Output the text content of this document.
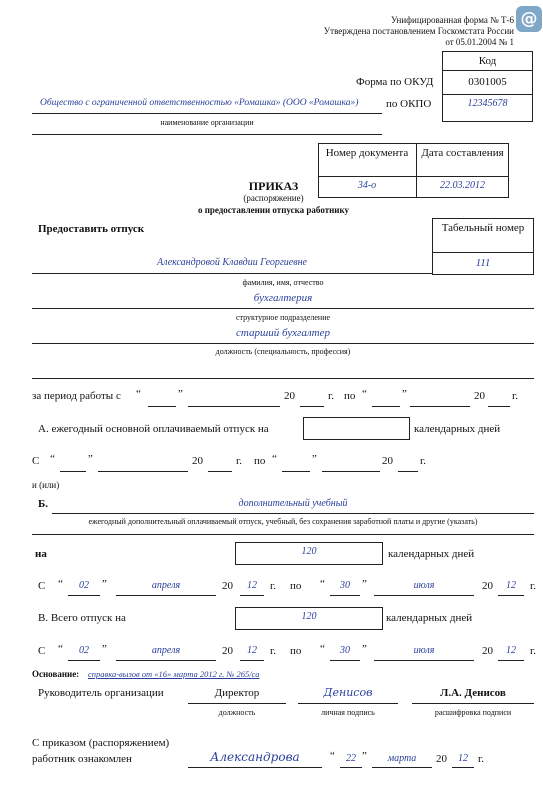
@
Унифицированная форма № Т-6
Утверждена постановлением Госкомстата России
от 05.01.2004 № 1
Код
Форма по ОКУД	0301005
по ОКПО	12345678
Общество с ограниченной ответственностью «Ромашка» (ООО «Ромашка»)
наименование организации
Номер документа	Дата составления
34-о	22.03.2012
ПРИКАЗ
(распоряжение)
о предоставлении отпуска работнику
Предоставить отпуск	Табельный номер
111
Александровой Клавдии Георгиевне
фамилия, имя, отчество
бухгалтерия
структурное подразделение
старший бухгалтер
должность (специальность, профессия)
за период работы с “	”	20	г. по “	”	20 г.
А. ежегодный основной оплачиваемый отпуск на	календарных дней
С “	”	20	г. по “	”	20 г.
и (или)
Б.	дополнительный учебный
ежегодный дополнительный оплачиваемый отпуск, учебный, без сохранения заработной платы и другие (указать)
на	120	календарных дней
С “	02	”	апреля	20	12	г. по “	30	”	июля	20	12	г.
В. Всего отпуск на	120	календарных дней
С “	02	”	апреля	20	12	г. по “	30	”	июля	20	12	г.
Основание: справка-вызов от «16» марта 2012 г. № 265/са
Руководитель организации	Директор	Денисов	Л.А. Денисов
должность	личная подпись	расшифровка подписи
С приказом (распоряжением)
работник ознакомлен	Александрова	“	22 ”	марта	20	12 г.
